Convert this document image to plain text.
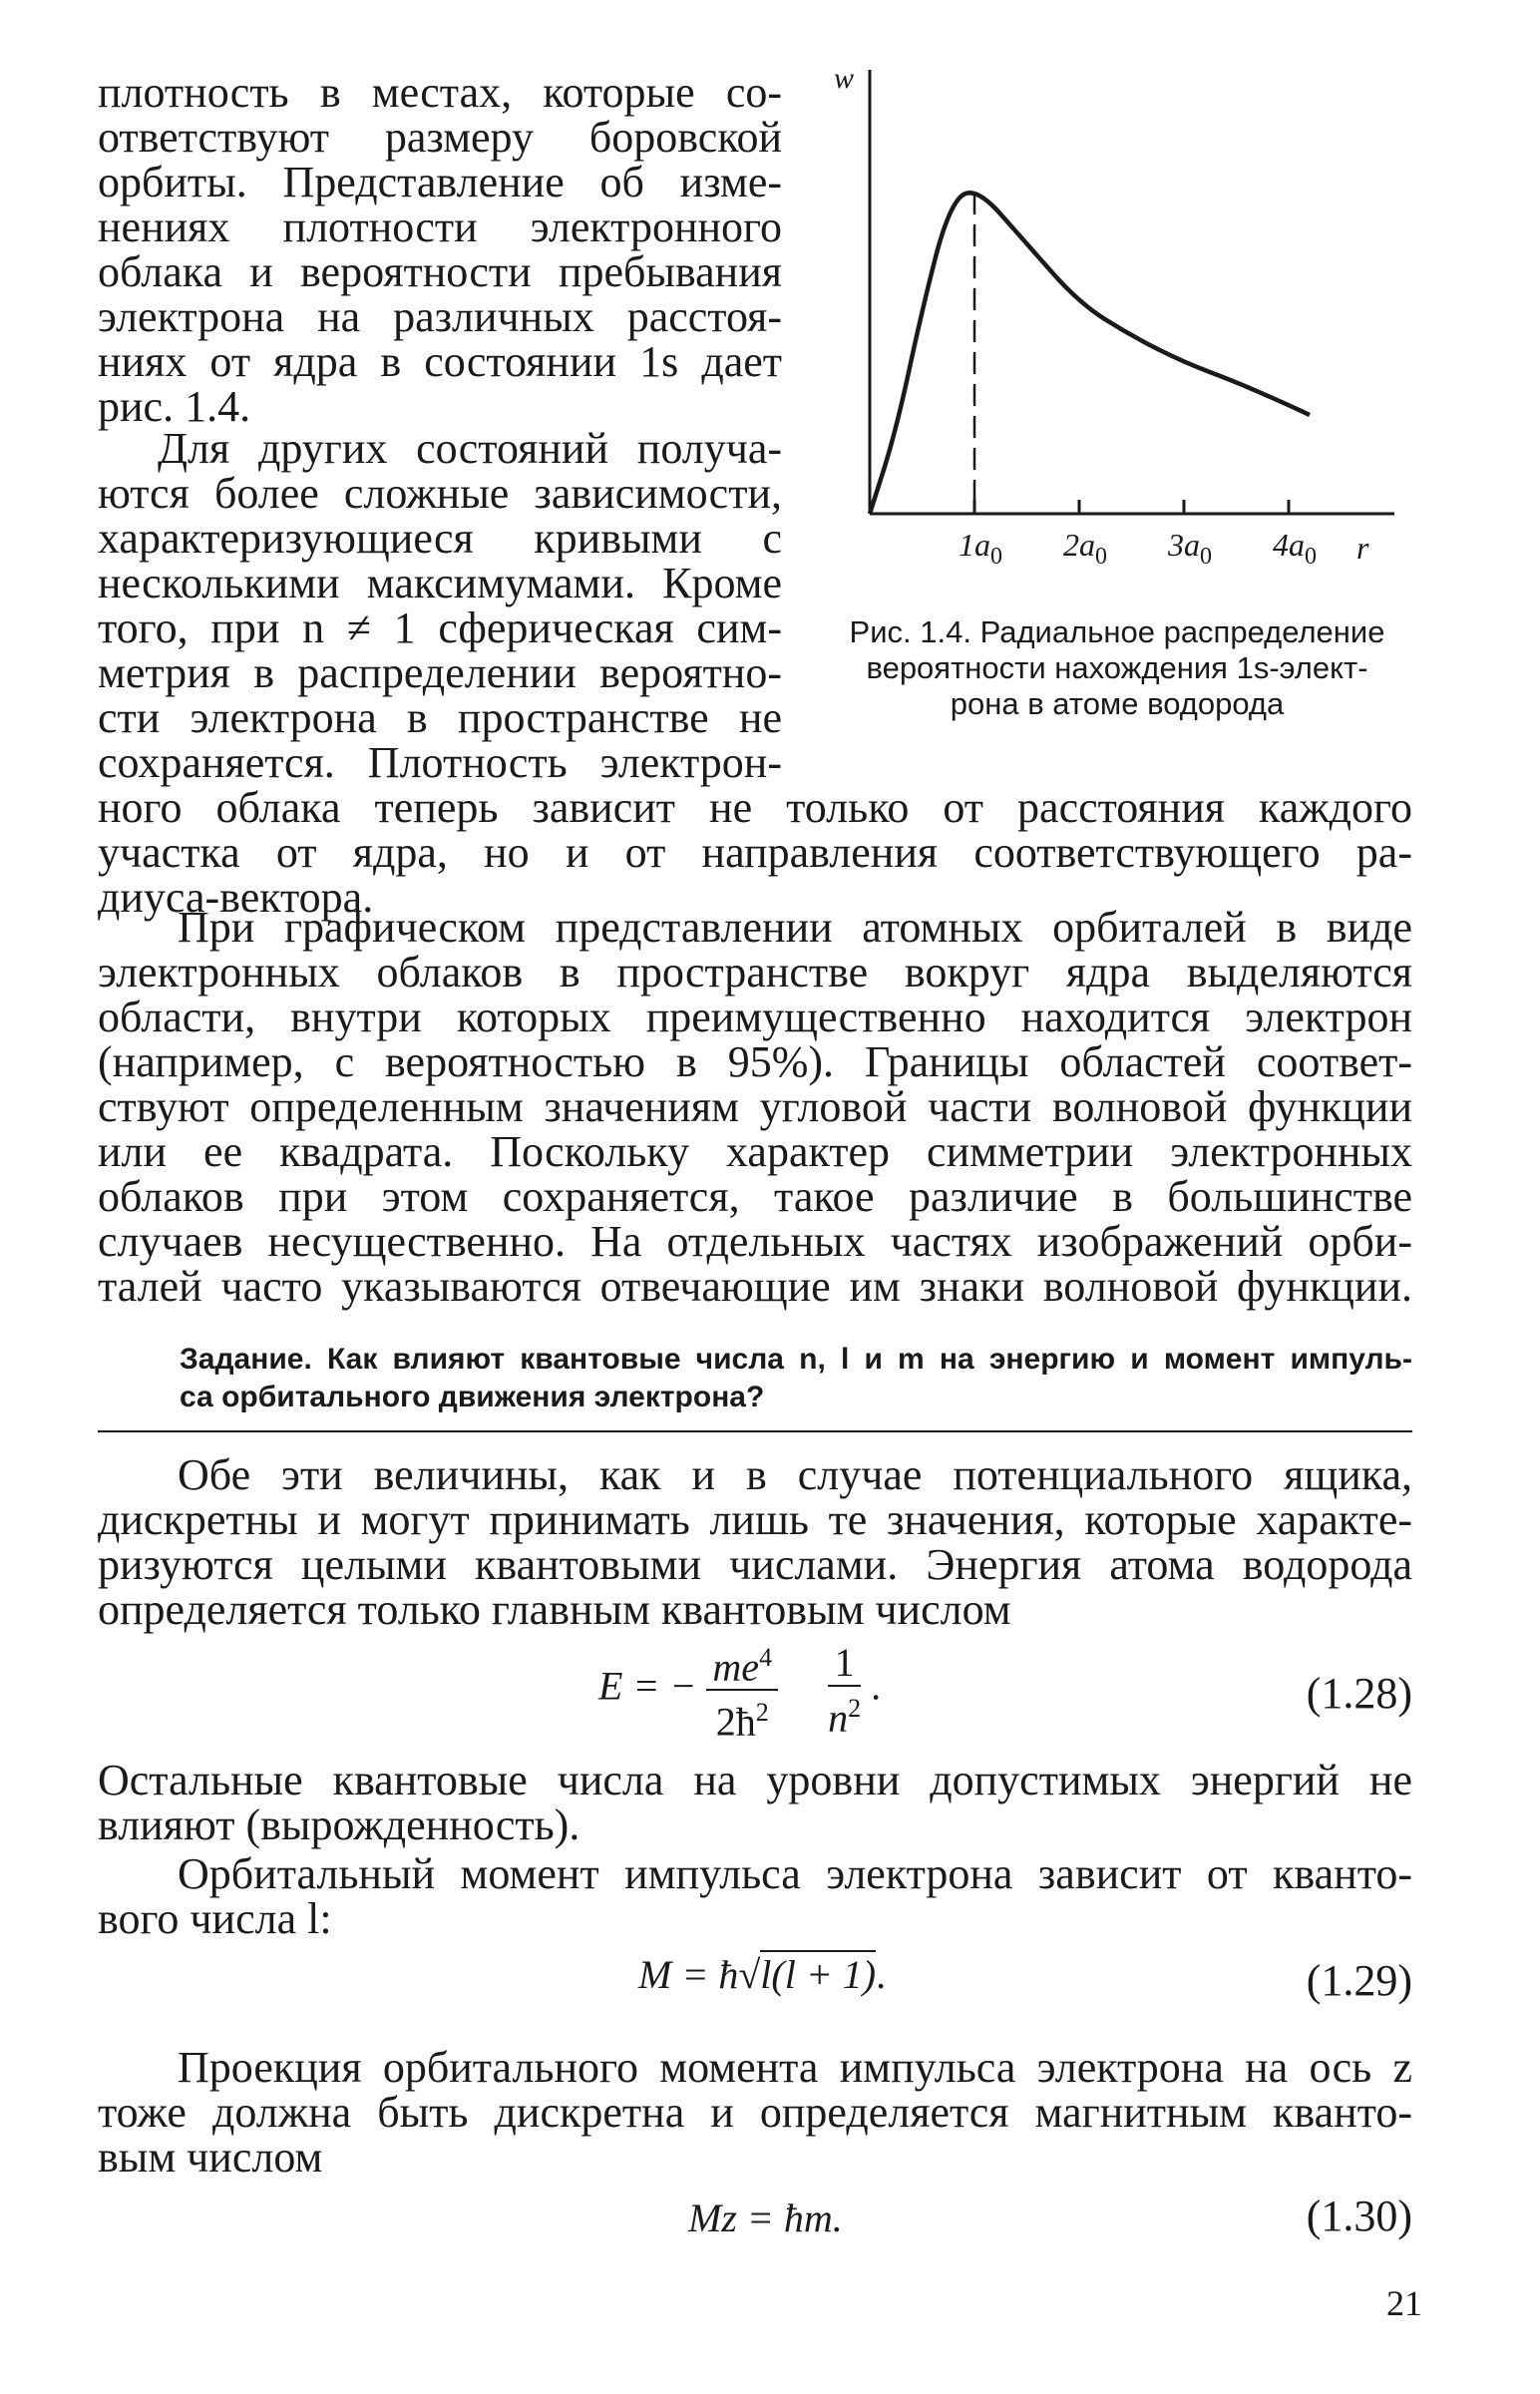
плотность в местах, которые со-
ответствуют размеру боровской
орбиты. Представление об изме-
нениях плотности электронного
облака и вероятности пребывания
электрона на различных расстоя-
ниях от ядра в состоянии 1s дает
рис. 1.4.
Для других состояний получа-
ются более сложные зависимости,
характеризующиеся кривыми с
несколькими максимумами. Кроме
того, при n ≠ 1 сферическая сим-
метрия в распределении вероятно-
сти электрона в пространстве не
сохраняется. Плотность электрон-
ного облака теперь зависит не только от расстояния каждого
участка от ядра, но и от направления соответствующего ра-
диуса-вектора.
w
r
$1a_0$ $2a_0$ $3a_0$ $4a_0$
Рис. 1.4. Радиальное распределение
вероятности нахождения 1s-элект-
рона в атоме водорода
При графическом представлении атомных орбиталей в виде
электронных облаков в пространстве вокруг ядра выделяются
области, внутри которых преимущественно находится электрон
(например, с вероятностью в 95%). Границы областей соответ-
ствуют определенным значениям угловой части волновой функции
или ее квадрата. Поскольку характер симметрии электронных
облаков при этом сохраняется, такое различие в большинстве
случаев несущественно. На отдельных частях изображений орби-
талей часто указываются отвечающие им знаки волновой функции.
Задание. Как влияют квантовые числа n, l и m на энергию и момент импуль-
са орбитального движения электрона?
Обе эти величины, как и в случае потенциального ящика,
дискретны и могут принимать лишь те значения, которые характе-
ризуются целыми квантовыми числами. Энергия атома водорода
определяется только главным квантовым числом
E = − $\frac{me^4}{2ħ^2}$
$\frac{1}{n^2}$ .	(1.28)
Остальные квантовые числа на уровни допустимых энергий не
влияют (вырожденность).
Орбитальный момент импульса электрона зависит от кванто-
вого числа l:
M = ħ√l(l + 1).	(1.29)
Проекция орбитального момента импульса электрона на ось z
тоже должна быть дискретна и определяется магнитным кванто-
вым числом
Mz = ħm.	(1.30)
21
